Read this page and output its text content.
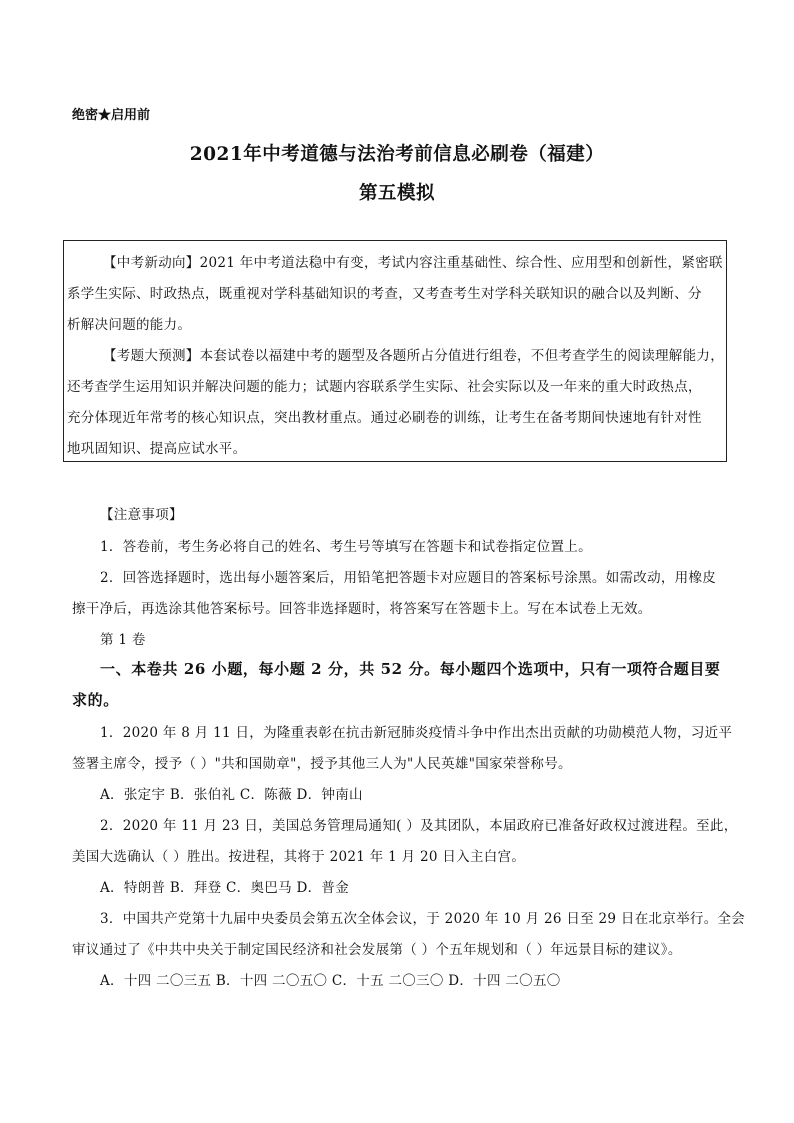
绝密★启用前
2021年中考道德与法治考前信息必刷卷（福建）
第五模拟
【中考新动向】2021 年中考道法稳中有变，考试内容注重基础性、综合性、应用型和创新性，紧密联
系学生实际、时政热点，既重视对学科基础知识的考查，又考查考生对学科关联知识的融合以及判断、分
析解决问题的能力。
【考题大预测】本套试卷以福建中考的题型及各题所占分值进行组卷，不但考查学生的阅读理解能力，
还考查学生运用知识并解决问题的能力；试题内容联系学生实际、社会实际以及一年来的重大时政热点，
充分体现近年常考的核心知识点，突出教材重点。通过必刷卷的训练，让考生在备考期间快速地有针对性
地巩固知识、提高应试水平。
【注意事项】
1．答卷前，考生务必将自己的姓名、考生号等填写在答题卡和试卷指定位置上。
2．回答选择题时，选出每小题答案后，用铅笔把答题卡对应题目的答案标号涂黑。如需改动，用橡皮
擦干净后，再选涂其他答案标号。回答非选择题时，将答案写在答题卡上。写在本试卷上无效。
第 1 卷
一、本卷共 26 小题，每小题 2 分，共 52 分。每小题四个选项中，只有一项符合题目要
求的。
1．2020 年 8 月 11 日，为隆重表彰在抗击新冠肺炎疫情斗争中作出杰出贡献的功勋模范人物，习近平
签署主席令，授予（ ）"共和国勋章"，授予其他三人为"人民英雄"国家荣誉称号。
A．张定宇 B．张伯礼 C．陈薇 D．钟南山
2．2020 年 11 月 23 日，美国总务管理局通知( ）及其团队，本届政府已准备好政权过渡进程。至此，
美国大选确认（ ）胜出。按进程，其将于 2021 年 1 月 20 日入主白宫。
A．特朗普 B．拜登 C．奥巴马 D．普金
3．中国共产党第十九届中央委员会第五次全体会议，于 2020 年 10 月 26 日至 29 日在北京举行。全会
审议通过了《中共中央关于制定国民经济和社会发展第（ ）个五年规划和（ ）年远景目标的建议》。
A．十四 二〇三五 B．十四 二〇五〇 C．十五 二〇三〇 D．十四 二〇五〇
